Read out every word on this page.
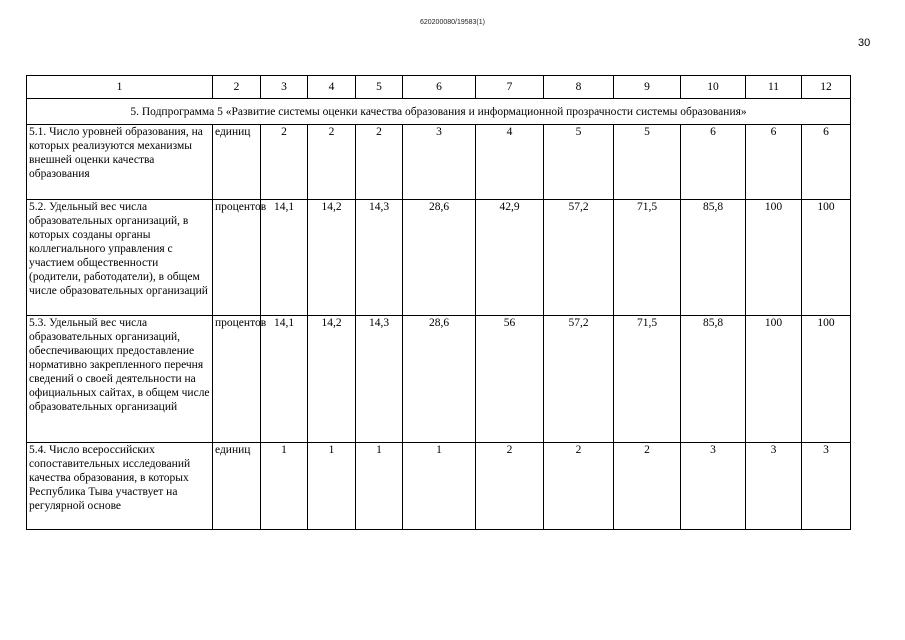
620200080/19583(1)
30
1	2	3	4	5	6	7	8	9	10	11	12
5. Подпрограмма 5 «Развитие системы оценки качества образования и информационной прозрачности системы образования»											
5.1. Число уровней образования, на которых реализуются механизмы внешней оценки качества образования	единиц	2	2	2	3	4	5	5	6	6	6
5.2. Удельный вес числа образовательных организаций, в которых созданы органы коллегиального управления с участием общественности (родители, работодатели), в общем числе образовательных организаций	процентов	14,1	14,2	14,3	28,6	42,9	57,2	71,5	85,8	100	100
5.3. Удельный вес числа образовательных организаций, обеспечивающих предоставление нормативно закрепленного перечня сведений о своей деятельности на официальных сайтах, в общем числе образовательных организаций	процентов	14,1	14,2	14,3	28,6	56	57,2	71,5	85,8	100	100
5.4. Число всероссийских сопоставительных исследований качества образования, в которых Республика Тыва участвует на регулярной основе	единиц	1	1	1	1	2	2	2	3	3	3
